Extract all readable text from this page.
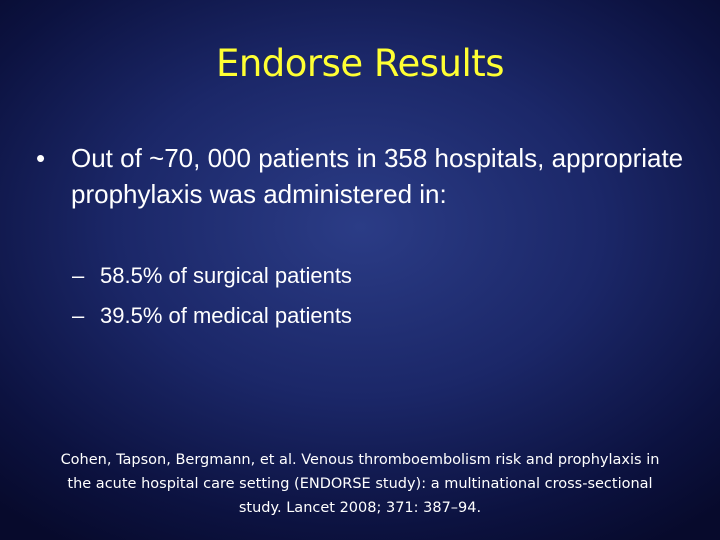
Endorse Results
• Out of ~70, 000 patients in 358 hospitals, appropriate prophylaxis was administered in:
– 58.5% of surgical patients
– 39.5% of medical patients
Cohen, Tapson, Bergmann, et al. Venous thromboembolism risk and prophylaxis in the acute hospital care setting (ENDORSE study): a multinational cross-sectional study. Lancet 2008; 371: 387–94.
